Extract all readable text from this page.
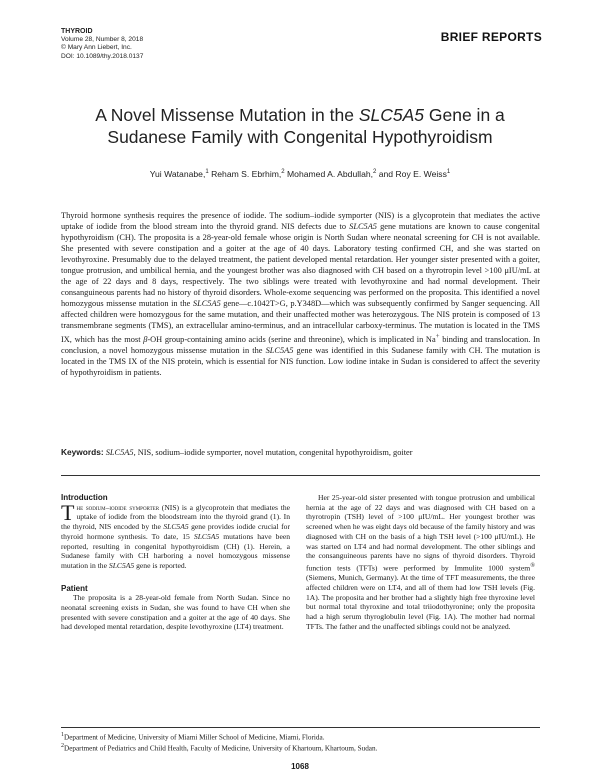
THYROID
Volume 28, Number 8, 2018
© Mary Ann Liebert, Inc.
DOI: 10.1089/thy.2018.0137
BRIEF REPORTS
A Novel Missense Mutation in the SLC5A5 Gene in a Sudanese Family with Congenital Hypothyroidism
Yui Watanabe,$^1$ Reham S. Ebrhim,$^2$ Mohamed A. Abdullah,$^2$ and Roy E. Weiss$^1$
Thyroid hormone synthesis requires the presence of iodide. The sodium–iodide symporter (NIS) is a glycoprotein that mediates the active uptake of iodide from the blood stream into the thyroid grand. NIS defects due to SLC5A5 gene mutations are known to cause congenital hypothyroidism (CH). The proposita is a 28-year-old female whose origin is North Sudan where neonatal screening for CH is not available. She presented with severe constipation and a goiter at the age of 40 days. Laboratory testing confirmed CH, and she was started on levothyroxine. Presumably due to the delayed treatment, the patient developed mental retardation. Her younger sister presented with a goiter, tongue protrusion, and umbilical hernia, and the youngest brother was also diagnosed with CH based on a thyrotropin level >100 μIU/mL at the age of 22 days and 8 days, respectively. The two siblings were treated with levothyroxine and had normal development. Their consanguineous parents had no history of thyroid disorders. Whole-exome sequencing was performed on the proposita. This identified a novel homozygous missense mutation in the SLC5A5 gene—c.1042T>G, p.Y348D—which was subsequently confirmed by Sanger sequencing. All affected children were homozygous for the same mutation, and their unaffected mother was heterozygous. The NIS protein is composed of 13 transmembrane segments (TMS), an extracellular amino-terminus, and an intracellular carboxy-terminus. The mutation is located in the TMS IX, which has the most β-OH group-containing amino acids (serine and threonine), which is implicated in Na+ binding and translocation. In conclusion, a novel homozygous missense mutation in the SLC5A5 gene was identified in this Sudanese family with CH. The mutation is located in the TMS IX of the NIS protein, which is essential for NIS function. Low iodine intake in Sudan is considered to affect the severity of hypothyroidism in patients.
Keywords: SLC5A5, NIS, sodium–iodide symporter, novel mutation, congenital hypothyroidism, goiter

Introduction

The sodium–iodide symporter (NIS) is a glycoprotein that mediates the uptake of iodide from the bloodstream into the thyroid grand (1). In the thyroid, NIS encoded by the SLC5A5 gene provides iodide crucial for thyroid hormone synthesis. To date, 15 SLC5A5 mutations have been reported, resulting in congenital hypothyroidism (CH) (1). Herein, a Sudanese family with CH harboring a novel homozygous missense mutation in the SLC5A5 gene is reported.

Patient

The proposita is a 28-year-old female from North Sudan. Since no neonatal screening exists in Sudan, she was found to have CH when she presented with severe constipation and a goiter at the age of 40 days. She had developed mental retardation, despite levothyroxine (LT4) treatment.

Her 25-year-old sister presented with tongue protrusion and umbilical hernia at the age of 22 days and was diagnosed with CH based on a thyrotropin (TSH) level of >100 μIU/mL. Her youngest brother was screened when he was eight days old because of the family history and was diagnosed with CH on the basis of a high TSH level (>100 μIU/mL). He was started on LT4 and had normal development. The other siblings and the consanguineous parents have no signs of thyroid disorders. Thyroid function tests (TFTs) were performed by Immulite 1000 system® (Siemens, Munich, Germany). At the time of TFT measurements, the three affected children were on LT4, and all of them had low TSH levels (Fig. 1A). The proposita and her brother had a slightly high free thyroxine level but normal total thyroxine and total triiodothyronine; only the proposita had a high serum thyroglobulin level (Fig. 1A). The mother had normal TFTs. The father and the unaffected siblings could not be analyzed.

$^1$Department of Medicine, University of Miami Miller School of Medicine, Miami, Florida.

$^2$Department of Pediatrics and Child Health, Faculty of Medicine, University of Khartoum, Khartoum, Sudan.

1068
